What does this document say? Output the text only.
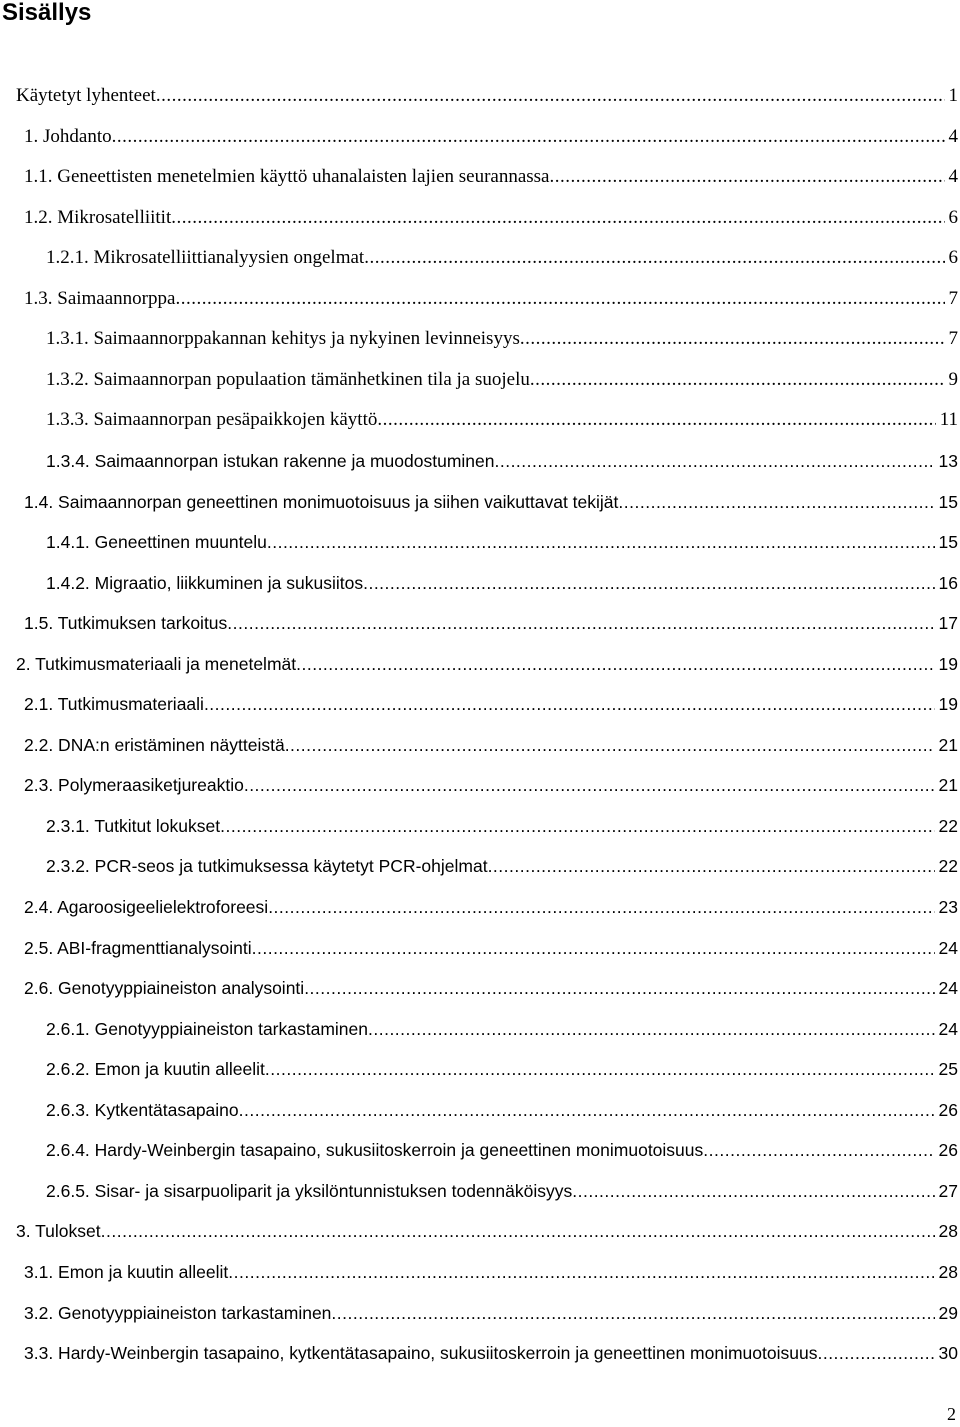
Sisällys
Käytetyt lyhenteet .....	1
1. Johdanto .....	4
1.1. Geneettisten menetelmien käyttö uhanalaisten lajien seurannassa .....	4
1.2. Mikrosatelliitit .....	6
1.2.1. Mikrosatelliittianalyysien ongelmat .....	6
1.3. Saimaannorppa .....	7
1.3.1. Saimaannorppakannan kehitys ja nykyinen levinneisyys .....	7
1.3.2. Saimaannorpan populaation tämänhetkinen tila ja suojelu .....	9
1.3.3. Saimaannorpan pesäpaikkojen käyttö .....	11
1.3.4. Saimaannorpan istukan rakenne ja muodostuminen .....	13
1.4. Saimaannorpan geneettinen monimuotoisuus ja siihen vaikuttavat tekijät .....	15
1.4.1. Geneettinen muuntelu .....	15
1.4.2. Migraatio, liikkuminen ja sukusiitos .....	16
1.5. Tutkimuksen tarkoitus .....	17
2. Tutkimusmateriaali ja menetelmät .....	19
2.1. Tutkimusmateriaali .....	19
2.2. DNA:n eristäminen näytteistä .....	21
2.3. Polymeraasiketjureaktio .....	21
2.3.1. Tutkitut lokukset .....	22
2.3.2. PCR-seos ja tutkimuksessa käytetyt PCR-ohjelmat .....	22
2.4. Agaroosigeelielektroforeesi .....	23
2.5. ABI-fragmenttianalysointi .....	24
2.6. Genotyyppiaineiston analysointi .....	24
2.6.1. Genotyyppiaineiston tarkastaminen .....	24
2.6.2. Emon ja kuutin alleelit .....	25
2.6.3. Kytkentätasapaino .....	26
2.6.4. Hardy-Weinbergin tasapaino, sukusiitoskerroin ja geneettinen monimuotoisuus .....	26
2.6.5. Sisar- ja sisarpuoliparit ja yksilöntunnistuksen todennäköisyys .....	27
3. Tulokset .....	28
3.1. Emon ja kuutin alleelit .....	28
3.2. Genotyyppiaineiston tarkastaminen .....	29
3.3. Hardy-Weinbergin tasapaino, kytkentätasapaino, sukusiitoskerroin ja geneettinen monimuotoisuus .....	30
2
